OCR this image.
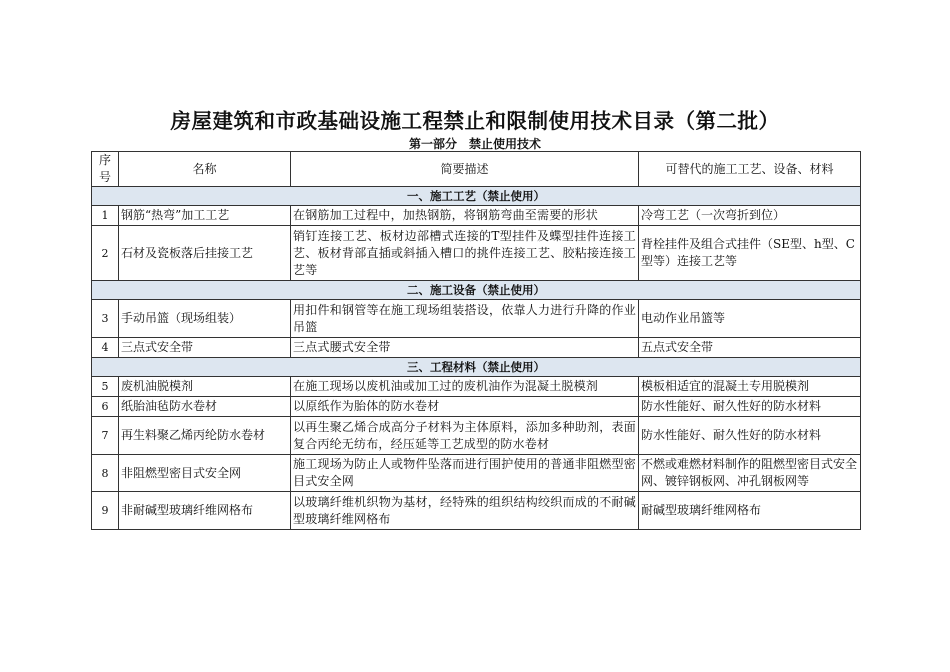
房屋建筑和市政基础设施工程禁止和限制使用技术目录（第二批）
第一部分　禁止使用技术
序号	名称	简要描述	可替代的施工工艺、设备、材料
一、施工工艺（禁止使用）			
1	钢筋“热弯”加工工艺	在钢筋加工过程中，加热钢筋，将钢筋弯曲至需要的形状	冷弯工艺（一次弯折到位）
2	石材及瓷板落后挂接工艺	销钉连接工艺、板材边部槽式连接的T型挂件及蝶型挂件连接工艺、板材背部直插或斜插入槽口的挑件连接工艺、胶粘接连接工艺等	背栓挂件及组合式挂件（SE型、h型、C型等）连接工艺等
二、施工设备（禁止使用）			
3	手动吊篮（现场组装）	用扣件和钢管等在施工现场组装搭设，依靠人力进行升降的作业吊篮	电动作业吊篮等
4	三点式安全带	三点式腰式安全带	五点式安全带
三、工程材料（禁止使用）			
5	废机油脱模剂	在施工现场以废机油或加工过的废机油作为混凝土脱模剂	模板相适宜的混凝土专用脱模剂
6	纸胎油毡防水卷材	以原纸作为胎体的防水卷材	防水性能好、耐久性好的防水材料
7	再生料聚乙烯丙纶防水卷材	以再生聚乙烯合成高分子材料为主体原料，添加多种助剂，表面复合丙纶无纺布，经压延等工艺成型的防水卷材	防水性能好、耐久性好的防水材料
8	非阻燃型密目式安全网	施工现场为防止人或物件坠落而进行围护使用的普通非阻燃型密目式安全网	不燃或难燃材料制作的阻燃型密目式安全网、镀锌钢板网、冲孔钢板网等
9	非耐碱型玻璃纤维网格布	以玻璃纤维机织物为基材，经特殊的组织结构绞织而成的不耐碱型玻璃纤维网格布	耐碱型玻璃纤维网格布
